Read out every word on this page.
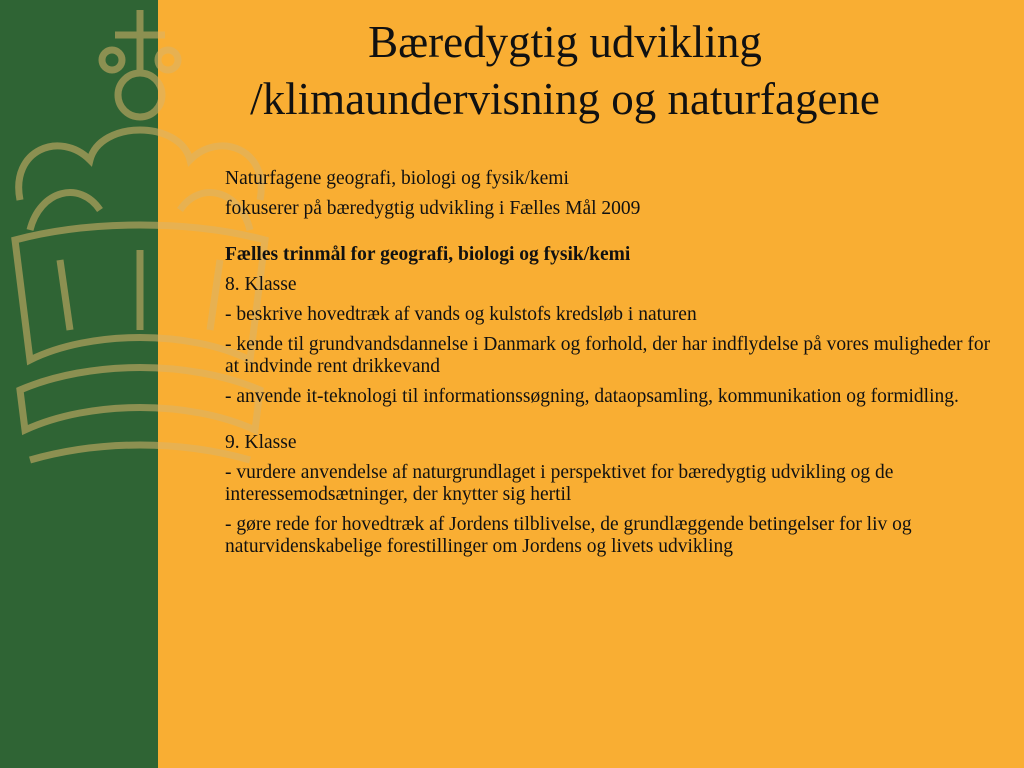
Bæredygtig udvikling
/klimaundervisning og naturfagene

Naturfagene geografi, biologi og fysik/kemi

fokuserer på bæredygtig udvikling i Fælles Mål 2009

Fælles trinmål for geografi, biologi og fysik/kemi

8. Klasse

- beskrive hovedtræk af vands og kulstofs kredsløb i naturen

- kende til grundvandsdannelse i Danmark og forhold, der har indflydelse på vores muligheder for at indvinde rent drikkevand

- anvende it-teknologi til informationssøgning, dataopsamling, kommunikation og formidling.

9. Klasse

- vurdere anvendelse af naturgrundlaget i perspektivet for bæredygtig udvikling og de interessemodsætninger, der knytter sig hertil

- gøre rede for hovedtræk af Jordens tilblivelse, de grundlæggende betingelser for liv og naturvidenskabelige forestillinger om Jordens og livets udvikling
